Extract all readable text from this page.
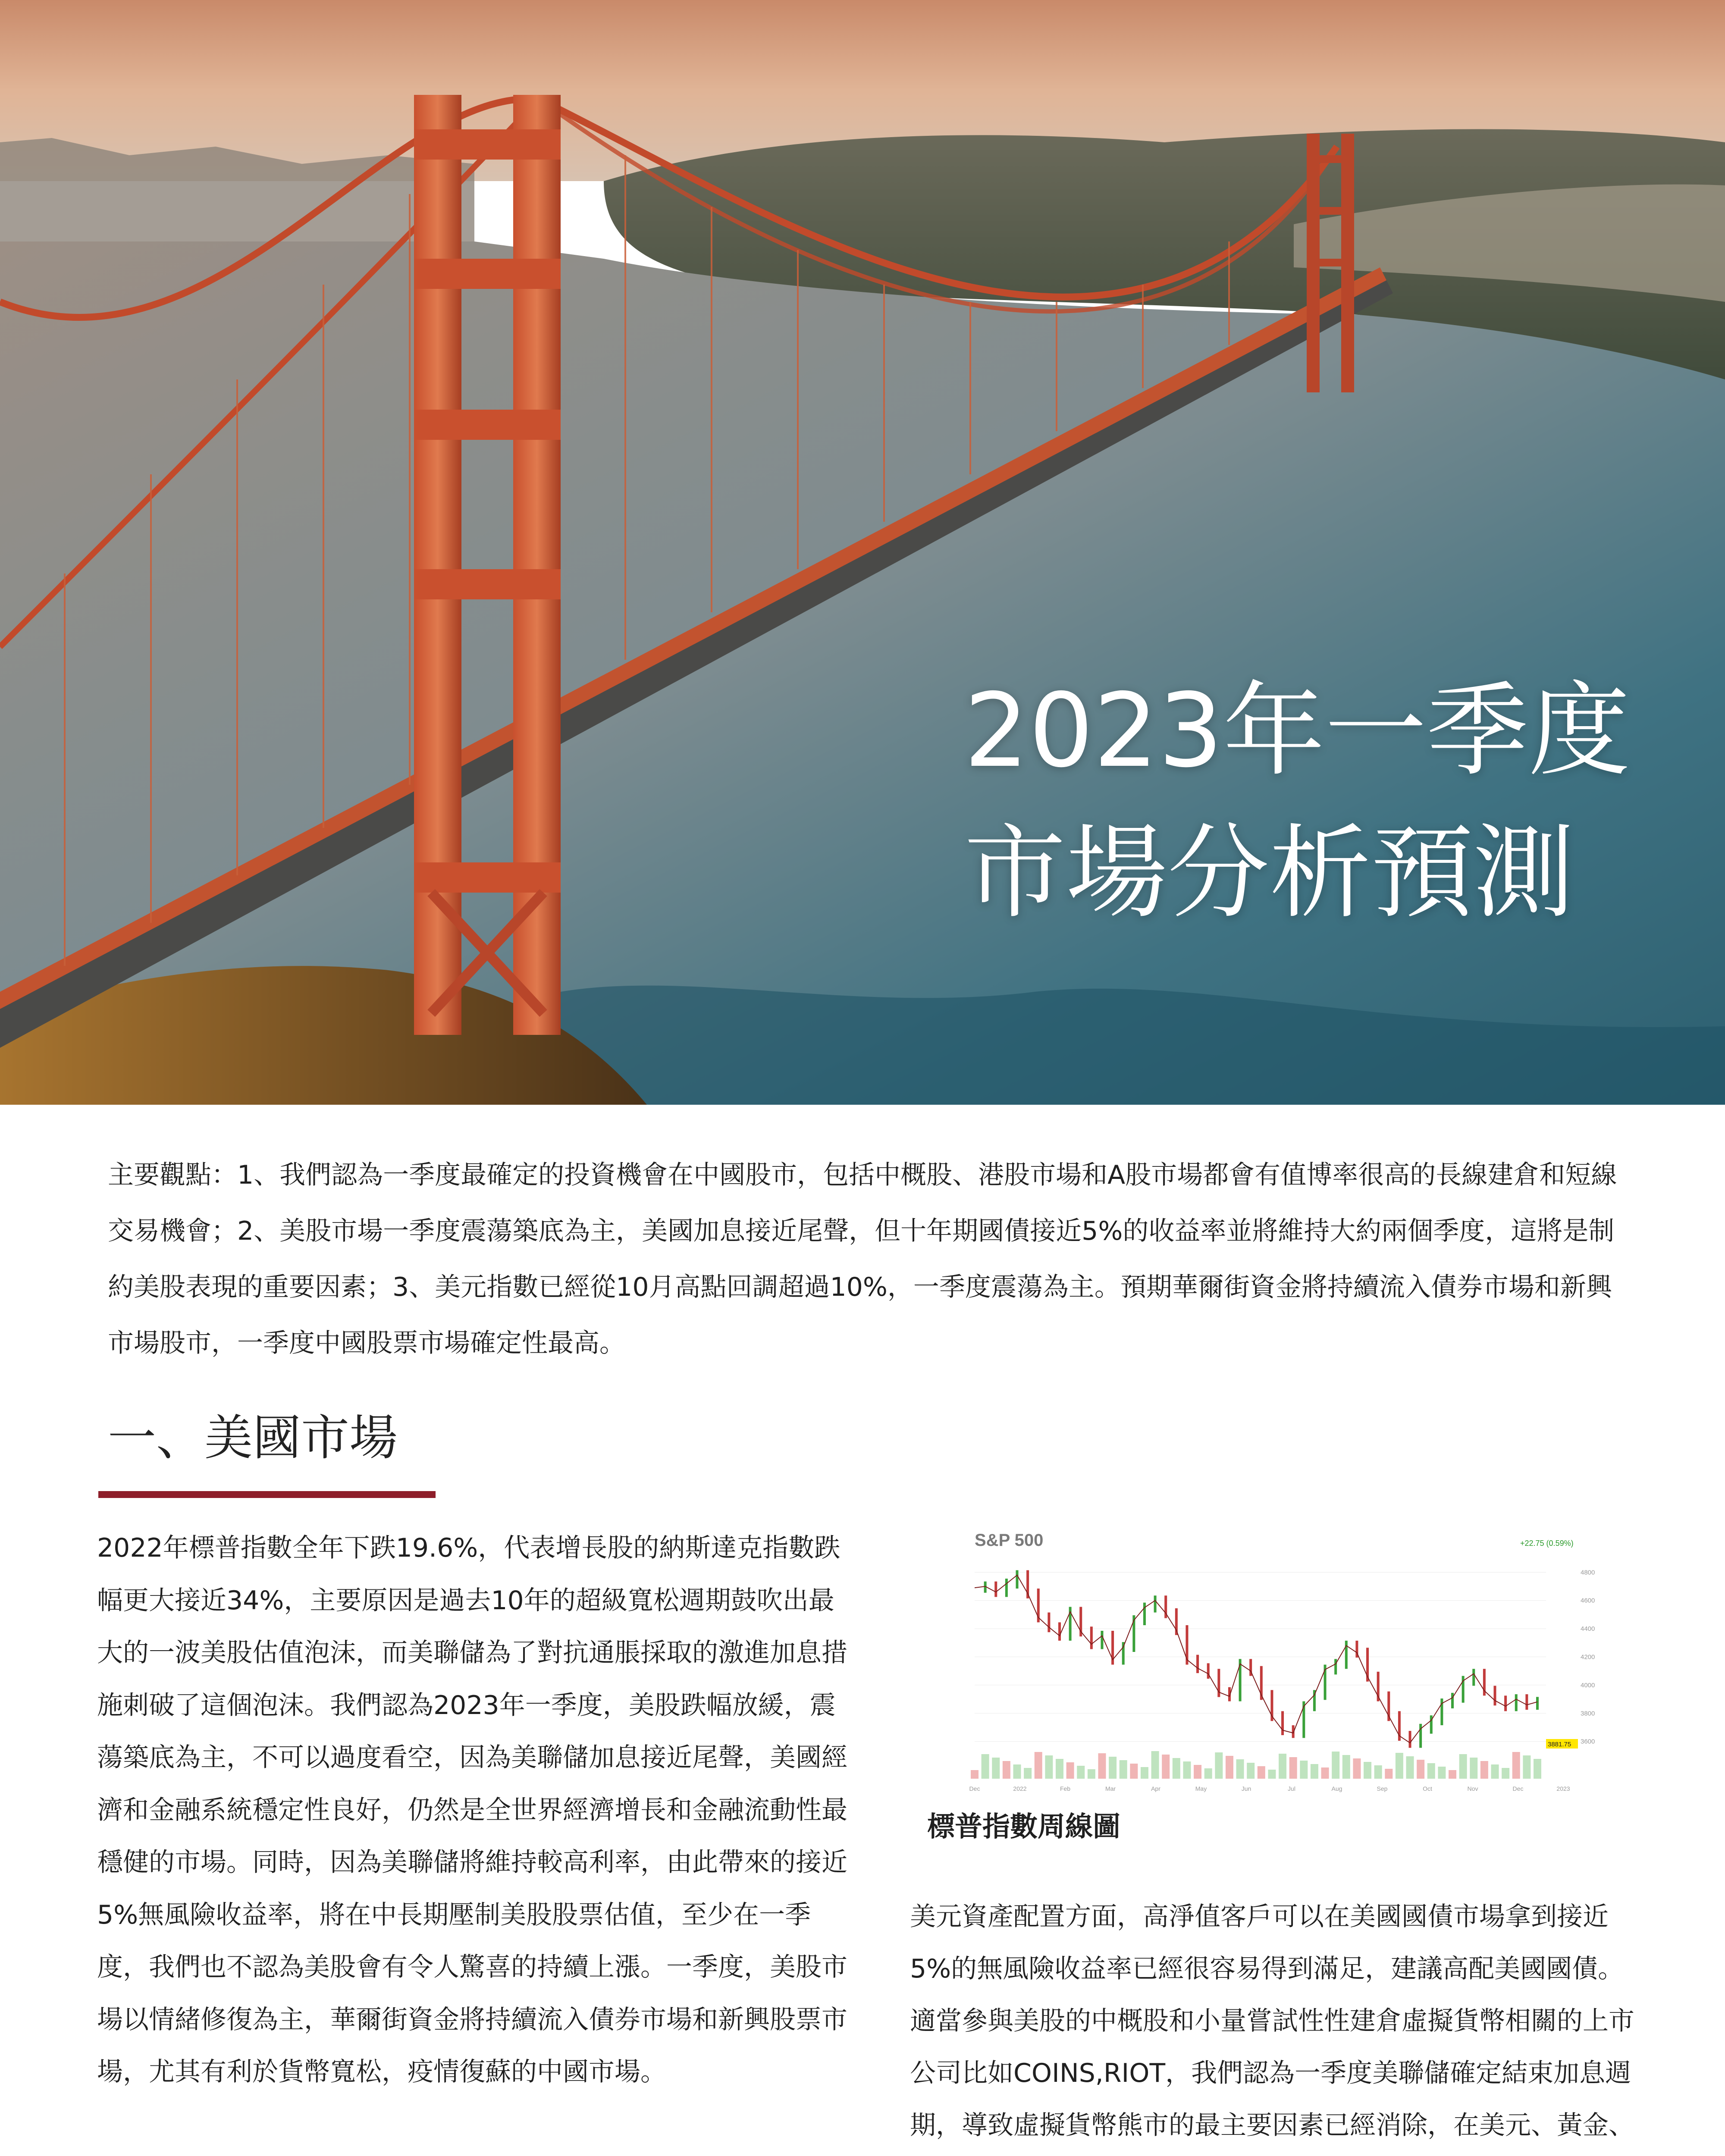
2023年一季度
市場分析預測

主要觀點：1、我們認為一季度最確定的投資機會在中國股市，包括中概股、港股市場和A股市場都會有值博率很高的長線建倉和短線交易機會；2、美股市場一季度震蕩築底為主，美國加息接近尾聲，但十年期國債接近5%的收益率並將維持大約兩個季度，這將是制約美股表現的重要因素；3、美元指數已經從10月高點回調超過10%，一季度震蕩為主。預期華爾街資金將持續流入債券市場和新興市場股市，一季度中國股票市場確定性最高。

一、美國市場

2022年標普指數全年下跌19.6%，代表增長股的納斯達克指數跌幅更大接近34%，主要原因是過去10年的超級寬松週期鼓吹出最大的一波美股估值泡沫，而美聯儲為了對抗通脹採取的激進加息措施刺破了這個泡沫。我們認為2023年一季度，美股跌幅放緩，震蕩築底為主，不可以過度看空，因為美聯儲加息接近尾聲，美國經濟和金融系統穩定性良好，仍然是全世界經濟增長和金融流動性最穩健的市場。同時，因為美聯儲將維持較高利率，由此帶來的接近5%無風險收益率，將在中長期壓制美股股票估值，至少在一季度，我們也不認為美股會有令人驚喜的持續上漲。一季度，美股市場以情緒修復為主，華爾街資金將持續流入債券市場和新興股票市場，尤其有利於貨幣寬松，疫情復蘇的中國市場。

S&P 500	+22.75 (0.59%)
4800
4600
4400
4200
4000
3800
3600
Dec	2022	Feb	Mar	Apr	May	Jun	Jul	Aug	Sep	Oct	Nov	Dec	2023
3881.75
標普指數周線圖

美元資產配置方面，高淨值客戶可以在美國國債市場拿到接近5%的無風險收益率已經很容易得到滿足，建議高配美國國債。適當參與美股的中概股和小量嘗試性性建倉虛擬貨幣相關的上市公司比如COINS,RIOT，我們認為一季度美聯儲確定結束加息週期，導致虛擬貨幣熊市的最主要因素已經消除，在美元、黃金、
